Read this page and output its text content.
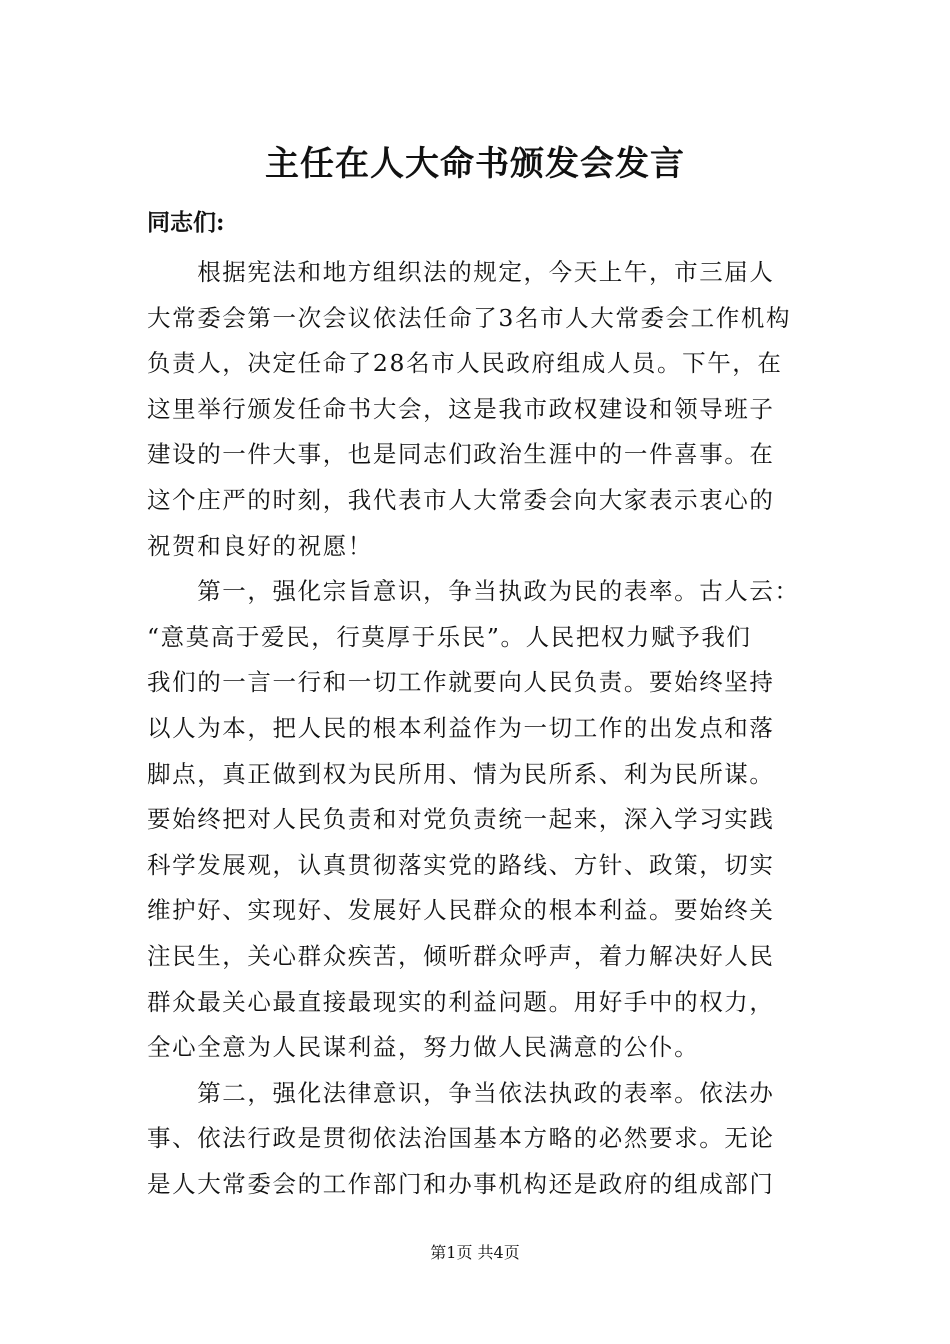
主任在人大命书颁发会发言
同志们:
　　根据宪法和地方组织法的规定，今天上午，市三届人
大常委会第一次会议依法任命了3名市人大常委会工作机构
负责人，决定任命了28名市人民政府组成人员。下午，在
这里举行颁发任命书大会，这是我市政权建设和领导班子
建设的一件大事，也是同志们政治生涯中的一件喜事。在
这个庄严的时刻，我代表市人大常委会向大家表示衷心的
祝贺和良好的祝愿！
　　第一，强化宗旨意识，争当执政为民的表率。古人云：
“意莫高于爱民，行莫厚于乐民”。人民把权力赋予我们
我们的一言一行和一切工作就要向人民负责。要始终坚持
以人为本，把人民的根本利益作为一切工作的出发点和落
脚点，真正做到权为民所用、情为民所系、利为民所谋。
要始终把对人民负责和对党负责统一起来，深入学习实践
科学发展观，认真贯彻落实党的路线、方针、政策，切实
维护好、实现好、发展好人民群众的根本利益。要始终关
注民生，关心群众疾苦，倾听群众呼声，着力解决好人民
群众最关心最直接最现实的利益问题。用好手中的权力，
全心全意为人民谋利益，努力做人民满意的公仆。
　　第二，强化法律意识，争当依法执政的表率。依法办
事、依法行政是贯彻依法治国基本方略的必然要求。无论
是人大常委会的工作部门和办事机构还是政府的组成部门
第1页 共4页
